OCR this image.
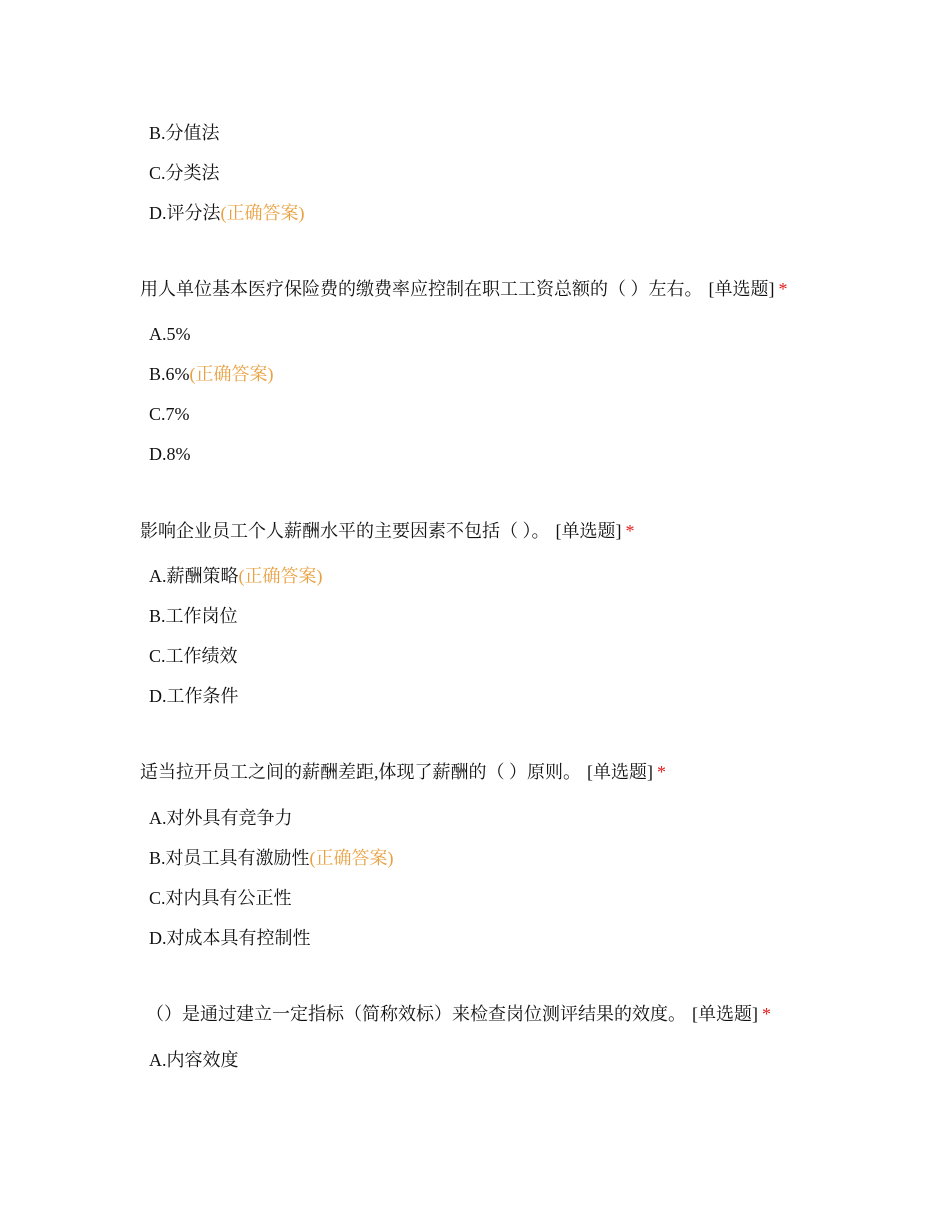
B.分值法
C.分类法
D.评分法(正确答案)
用人单位基本医疗保险费的缴费率应控制在职工工资总额的（ ）左右。 [单选题] *
A.5%
B.6%(正确答案)
C.7%
D.8%
影响企业员工个人薪酬水平的主要因素不包括（ ）。 [单选题] *
A.薪酬策略(正确答案)
B.工作岗位
C.工作绩效
D.工作条件
适当拉开员工之间的薪酬差距,体现了薪酬的（ ）原则。 [单选题] *
A.对外具有竞争力
B.对员工具有激励性(正确答案)
C.对内具有公正性
D.对成本具有控制性
（）是通过建立一定指标（简称效标）来检查岗位测评结果的效度。 [单选题] *
A.内容效度
